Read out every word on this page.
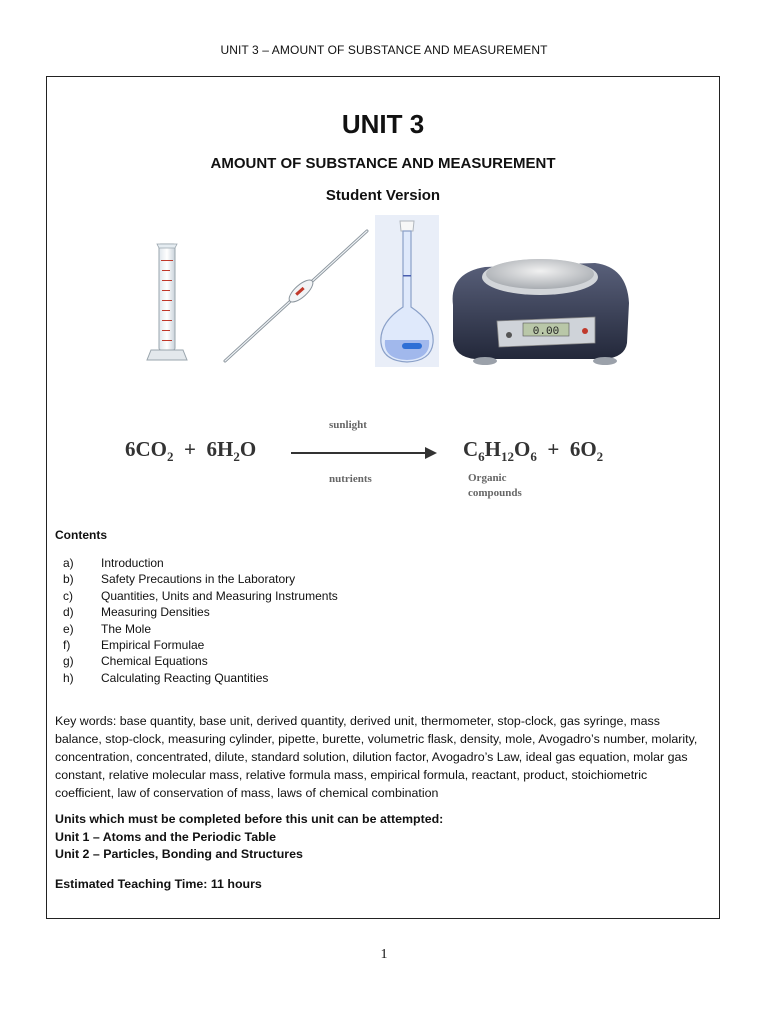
UNIT 3 – AMOUNT OF SUBSTANCE AND MEASUREMENT
UNIT 3
AMOUNT OF SUBSTANCE AND MEASUREMENT
Student Version
0.00
$6CO_2 + 6H_2O$
sunlight
nutrients
$C_6H_{12}O_6 + 6O_2$
Organic
compounds
Contents
a) Introduction
b) Safety Precautions in the Laboratory
c) Quantities, Units and Measuring Instruments
d) Measuring Densities
e) The Mole
f)	Empirical Formulae
g) Chemical Equations
h) Calculating Reacting Quantities
Key words: base quantity, base unit, derived quantity, derived unit, thermometer, stop-clock, gas syringe, mass balance, stop-clock, measuring cylinder, pipette, burette, volumetric flask, density, mole, Avogadro’s number, molarity, concentration, concentrated, dilute, standard solution, dilution factor, Avogadro’s Law, ideal gas equation, molar gas constant, relative molecular mass, relative formula mass, empirical formula, reactant, product, stoichiometric coefficient, law of conservation of mass, laws of chemical combination
Units which must be completed before this unit can be attempted:
Unit 1 – Atoms and the Periodic Table
Unit 2 – Particles, Bonding and Structures
Estimated Teaching Time: 11 hours
1
